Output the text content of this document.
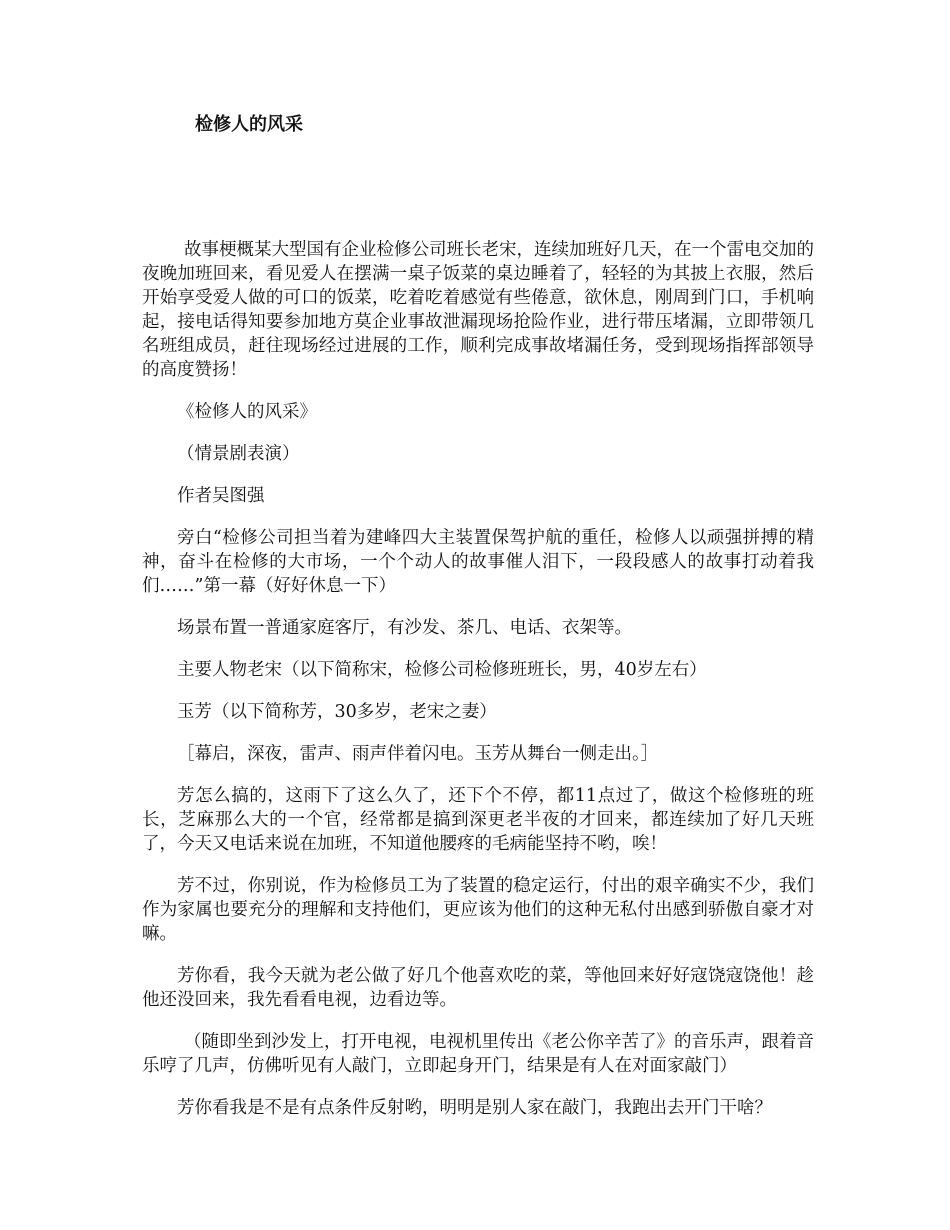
检修人的风采

故事梗概某大型国有企业检修公司班长老宋，连续加班好几天，在一个雷电交加的夜晚加班回来，看见爱人在摆满一桌子饭菜的桌边睡着了，轻轻的为其披上衣服，然后开始享受爱人做的可口的饭菜，吃着吃着感觉有些倦意，欲休息，刚周到门口，手机响起，接电话得知要参加地方莫企业事故泄漏现场抢险作业，进行带压堵漏，立即带领几名班组成员，赶往现场经过进展的工作，顺利完成事故堵漏任务，受到现场指挥部领导的高度赞扬！

《检修人的风采》

（情景剧表演）

作者吴图强

旁白“检修公司担当着为建峰四大主装置保驾护航的重任，检修人以顽强拼搏的精神，奋斗在检修的大市场，一个个动人的故事催人泪下，一段段感人的故事打动着我们……”第一幕（好好休息一下）

场景布置一普通家庭客厅，有沙发、茶几、电话、衣架等。

主要人物老宋（以下简称宋，检修公司检修班班长，男，40岁左右）

玉芳（以下简称芳，30多岁，老宋之妻）

［幕启，深夜，雷声、雨声伴着闪电。玉芳从舞台一侧走出。］

芳怎么搞的，这雨下了这么久了，还下个不停，都11点过了，做这个检修班的班长，芝麻那么大的一个官，经常都是搞到深更老半夜的才回来，都连续加了好几天班了，今天又电话来说在加班，不知道他腰疼的毛病能坚持不哟，唉！

芳不过，你别说，作为检修员工为了装置的稳定运行，付出的艰辛确实不少，我们作为家属也要充分的理解和支持他们，更应该为他们的这种无私付出感到骄傲自豪才对嘛。

芳你看，我今天就为老公做了好几个他喜欢吃的菜，等他回来好好寇饶寇饶他！趁他还没回来，我先看看电视，边看边等。

（随即坐到沙发上，打开电视，电视机里传出《老公你辛苦了》的音乐声，跟着音乐哼了几声，仿佛听见有人敲门，立即起身开门，结果是有人在对面家敲门）

芳你看我是不是有点条件反射哟，明明是别人家在敲门，我跑出去开门干啥？
